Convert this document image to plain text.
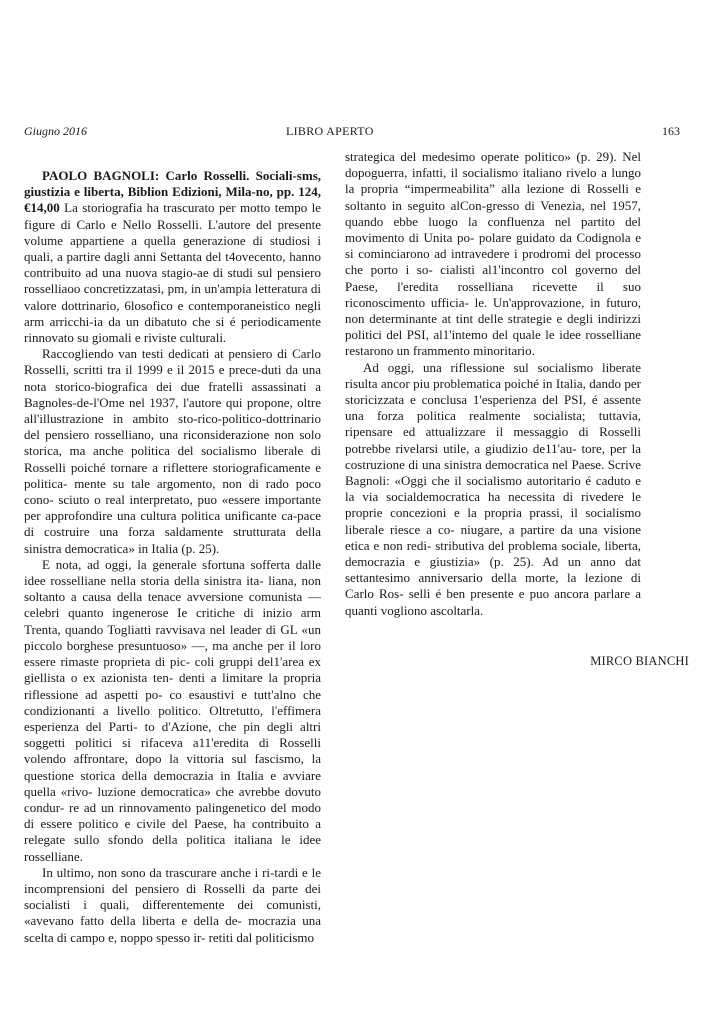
Giugno 2016	LIBRO APERTO	163

PAOLO BAGNOLI: Carlo Rosselli. Sociali-sms, giustizia e liberta, Biblion Edizioni, Mila-no, pp. 124, €14,00 La storiografia ha trascurato per motto tempo le figure di Carlo e Nello Rosselli. L'autore del presente volume appartiene a quella generazione di studiosi i quali, a partire dagli anni Settanta del t4ovecento, hanno contribuito ad una nuova stagio-ae di studi sul pensiero rosselliaoo concretizzatasi, pm, in un'ampia letteratura di valore dottrinario, 6losofico e contemporaneistico negli arm arricchi-ia da un dibatuto che si é periodicamente rinnovato su giomali e riviste culturali.

Raccogliendo van testi dedicati at pensiero di Carlo Rosselli, scritti tra il 1999 e il 2015 e prece-duti da una nota storico-biografica dei due fratelli assassinati a Bagnoles-de-l'Ome nel 1937, l'autore qui propone, oltre all'illustrazione in ambito sto-rico-politico-dottrinario del pensiero rosselliano, una riconsiderazione non solo storica, ma anche politica del socialismo liberale di Rosselli poiché tornare a riflettere storiograficamente e politica- mente su tale argomento, non di rado poco cono- sciuto o real interpretato, puo «essere importante per approfondire una cultura politica unificante ca-pace di costruire una forza saldamente strutturata della sinistra democratica» in Italia (p. 25).

E nota, ad oggi, la generale sfortuna sofferta dalle idee rosselliane nella storia della sinistra ita- liana, non soltanto a causa della tenace avversione comunista — celebri quanto ingenerose Ie critiche di inizio arm Trenta, quando Togliatti ravvisava nel leader di GL «un piccolo borghese presuntuoso» —, ma anche per il loro essere rimaste proprieta di pic- coli gruppi del1'area ex giellista o ex azionista ten- denti a limitare la propria riflessione ad aspetti po- co esaustivi e tutt'alno che condizionanti a livello politico. Oltretutto, l'effimera esperienza del Parti- to d'Azione, che pin degli altri soggetti politici si rifaceva a11'eredita di Rosselli volendo affrontare, dopo la vittoria sul fascismo, la questione storica della democrazia in Italia e avviare quella «rivo- luzione democratica» che avrebbe dovuto condur- re ad un rinnovamento palingenetico del modo di essere politico e civile del Paese, ha contribuito a relegate sullo sfondo della politica italiana le idee rosselliane.

In ultimo, non sono da trascurare anche i ri-tardi e le incomprensioni del pensiero di Rosselli da parte dei socialisti i quali, differentemente dei comunisti, «avevano fatto della liberta e della de- mocrazia una scelta di campo e, noppo spesso ir- retiti dal politicismo

strategica del medesimo operate politico» (p. 29). Nel dopoguerra, infatti, il socialismo italiano rivelo a lungo la propria “impermeabilita” alla lezione di Rosselli e soltanto in seguito alCon-gresso di Venezia, nel 1957, quando ebbe luogo la confluenza nel partito del movimento di Unita po- polare guidato da Codignola e si cominciarono ad intravedere i prodromi del processo che porto i so- cialisti al1'incontro col governo del Paese, l'eredita rosselliana ricevette il suo riconoscimento ufficia- le. Un'approvazione, in futuro, non determinante at tint delle strategie e degli indirizzi politici del PSI, al1'intemo del quale le idee rosselliane restarono un frammento minoritario.

Ad oggi, una riflessione sul socialismo liberate risulta ancor piu problematica poiché in Italia, dando per storicizzata e conclusa 1'esperienza del PSI, é assente una forza politica realmente socialista; tuttavia, ripensare ed attualizzare il messaggio di Rosselli potrebbe rivelarsi utile, a giudizio de11'au- tore, per la costruzione di una sinistra democratica nel Paese. Scrive Bagnoli: «Oggi che il socialismo autoritario é caduto e la via socialdemocratica ha necessita di rivedere le proprie concezioni e la propria prassi, il socialismo liberale riesce a co- niugare, a partire da una visione etica e non redi- stributiva del problema sociale, liberta, democrazia e giustizia» (p. 25). Ad un anno dat settantesimo anniversario della morte, la lezione di Carlo Ros- selli é ben presente e puo ancora parlare a quanti vogliono ascoltarla.

MIRCO BIANCHI
